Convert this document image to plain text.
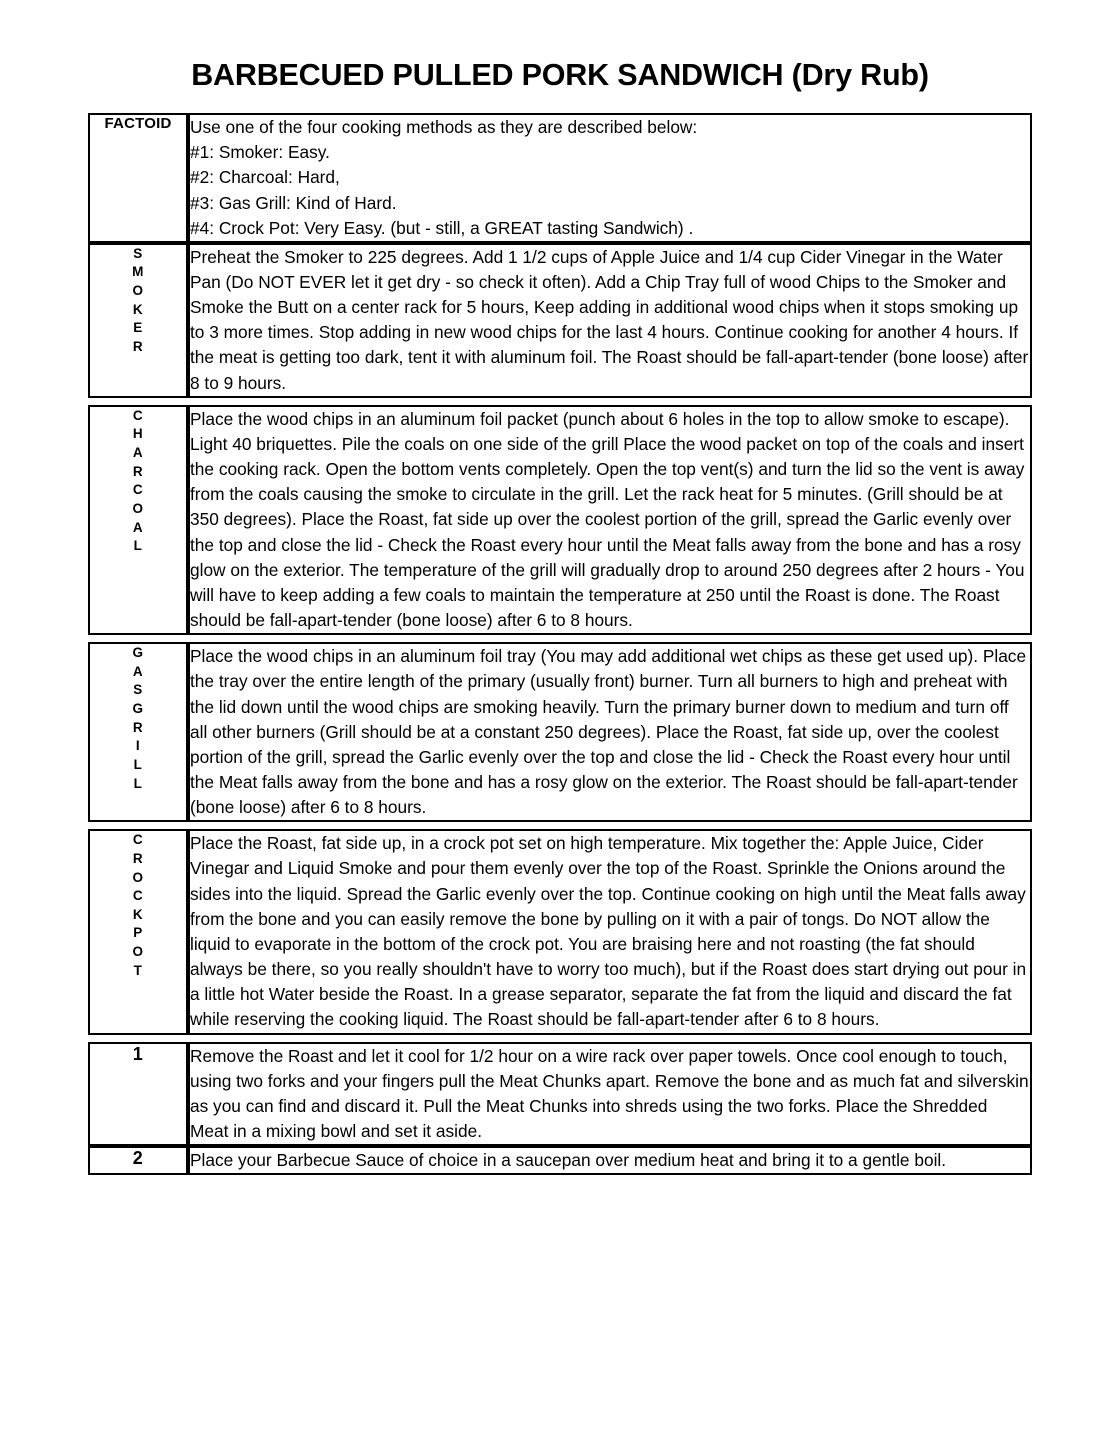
BARBECUED PULLED PORK SANDWICH (Dry Rub)
FACTOID	Use one of the four cooking methods as they are described below:
#1: Smoker: Easy.
#2: Charcoal: Hard,
#3: Gas Grill: Kind of Hard.
#4: Crock Pot: Very Easy. (but - still, a GREAT tasting Sandwich) .

S M O K E R	Preheat the Smoker to 225 degrees. Add 1 1/2 cups of Apple Juice and 1/4 cup Cider Vinegar in the Water Pan (Do NOT EVER let it get dry - so check it often). Add a Chip Tray full of wood Chips to the Smoker and Smoke the Butt on a center rack for 5 hours, Keep adding in additional wood chips when it stops smoking up to 3 more times. Stop adding in new wood chips for the last 4 hours. Continue cooking for another 4 hours. If the meat is getting too dark, tent it with aluminum foil. The Roast should be fall-apart-tender (bone loose) after 8 to 9 hours.

C H A R C O A L	Place the wood chips in an aluminum foil packet (punch about 6 holes in the top to allow smoke to escape). Light 40 briquettes. Pile the coals on one side of the grill Place the wood packet on top of the coals and insert the cooking rack. Open the bottom vents completely. Open the top vent(s) and turn the lid so the vent is away from the coals causing the smoke to circulate in the grill. Let the rack heat for 5 minutes. (Grill should be at 350 degrees). Place the Roast, fat side up over the coolest portion of the grill, spread the Garlic evenly over the top and close the lid - Check the Roast every hour until the Meat falls away from the bone and has a rosy glow on the exterior. The temperature of the grill will gradually drop to around 250 degrees after 2 hours - You will have to keep adding a few coals to maintain the temperature at 250 until the Roast is done. The Roast should be fall-apart-tender (bone loose) after 6 to 8 hours.

G A S G R I L L	Place the wood chips in an aluminum foil tray (You may add additional wet chips as these get used up). Place the tray over the entire length of the primary (usually front) burner. Turn all burners to high and preheat with the lid down until the wood chips are smoking heavily. Turn the primary burner down to medium and turn off all other burners (Grill should be at a constant 250 degrees). Place the Roast, fat side up, over the coolest portion of the grill, spread the Garlic evenly over the top and close the lid - Check the Roast every hour until the Meat falls away from the bone and has a rosy glow on the exterior. The Roast should be fall-apart-tender (bone loose) after 6 to 8 hours.

C R O C K P O T	Place the Roast, fat side up, in a crock pot set on high temperature. Mix together the: Apple Juice, Cider Vinegar and Liquid Smoke and pour them evenly over the top of the Roast. Sprinkle the Onions around the sides into the liquid. Spread the Garlic evenly over the top. Continue cooking on high until the Meat falls away from the bone and you can easily remove the bone by pulling on it with a pair of tongs. Do NOT allow the liquid to evaporate in the bottom of the crock pot. You are braising here and not roasting (the fat should always be there, so you really shouldn't have to worry too much), but if the Roast does start drying out pour in a little hot Water beside the Roast. In a grease separator, separate the fat from the liquid and discard the fat while reserving the cooking liquid. The Roast should be fall-apart-tender after 6 to 8 hours.

1	Remove the Roast and let it cool for 1/2 hour on a wire rack over paper towels. Once cool enough to touch, using two forks and your fingers pull the Meat Chunks apart. Remove the bone and as much fat and silverskin as you can find and discard it. Pull the Meat Chunks into shreds using the two forks. Place the Shredded Meat in a mixing bowl and set it aside.

2	Place your Barbecue Sauce of choice in a saucepan over medium heat and bring it to a gentle boil.
